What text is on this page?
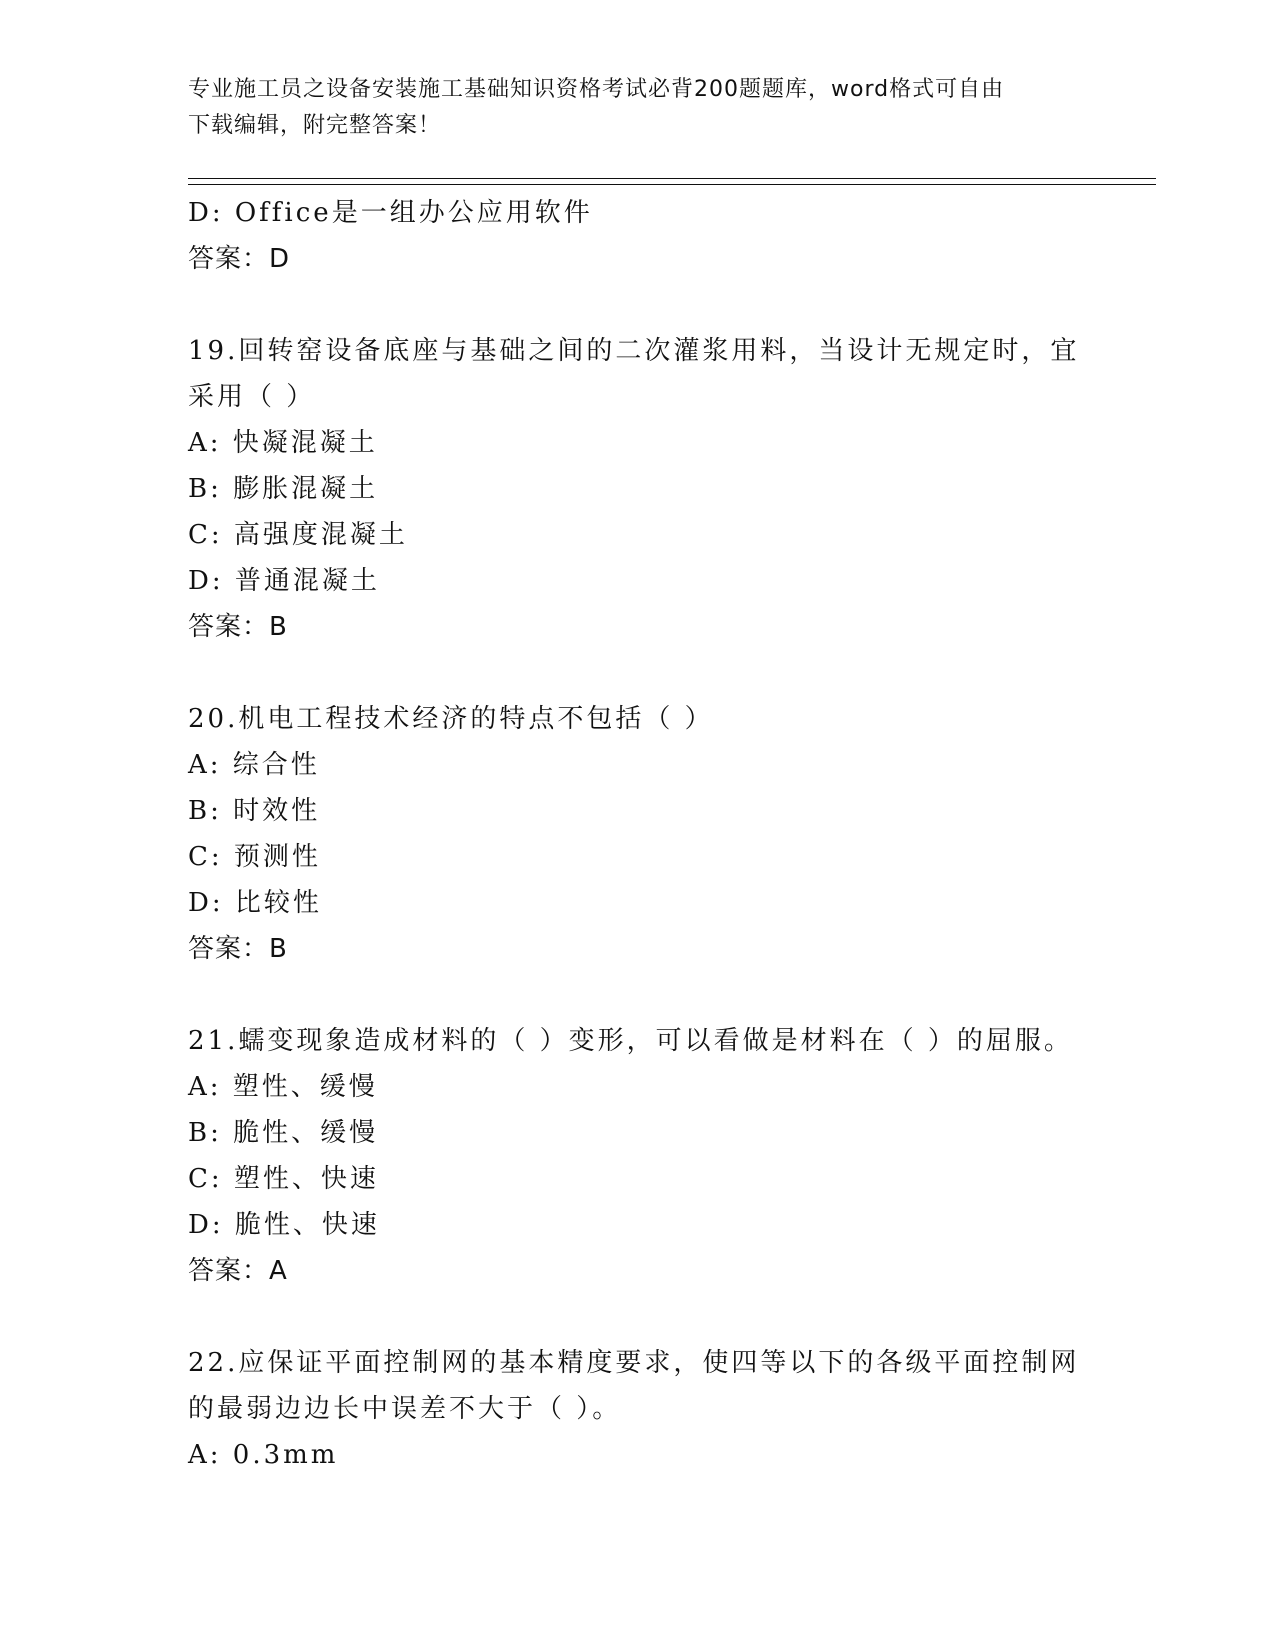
专业施工员之设备安装施工基础知识资格考试必背200题题库，word格式可自由
下载编辑，附完整答案！
D: Office是一组办公应用软件
答案：D
19.回转窑设备底座与基础之间的二次灌浆用料，当设计无规定时，宜
采用（ ）
A: 快凝混凝土
B: 膨胀混凝土
C: 高强度混凝土
D: 普通混凝土
答案：B
20.机电工程技术经济的特点不包括（ ）
A: 综合性
B: 时效性
C: 预测性
D: 比较性
答案：B
21.蠕变现象造成材料的（ ）变形，可以看做是材料在（ ）的屈服。
A: 塑性、缓慢
B: 脆性、缓慢
C: 塑性、快速
D: 脆性、快速
答案：A
22.应保证平面控制网的基本精度要求，使四等以下的各级平面控制网
的最弱边边长中误差不大于（ ）。
A: 0.3mm
